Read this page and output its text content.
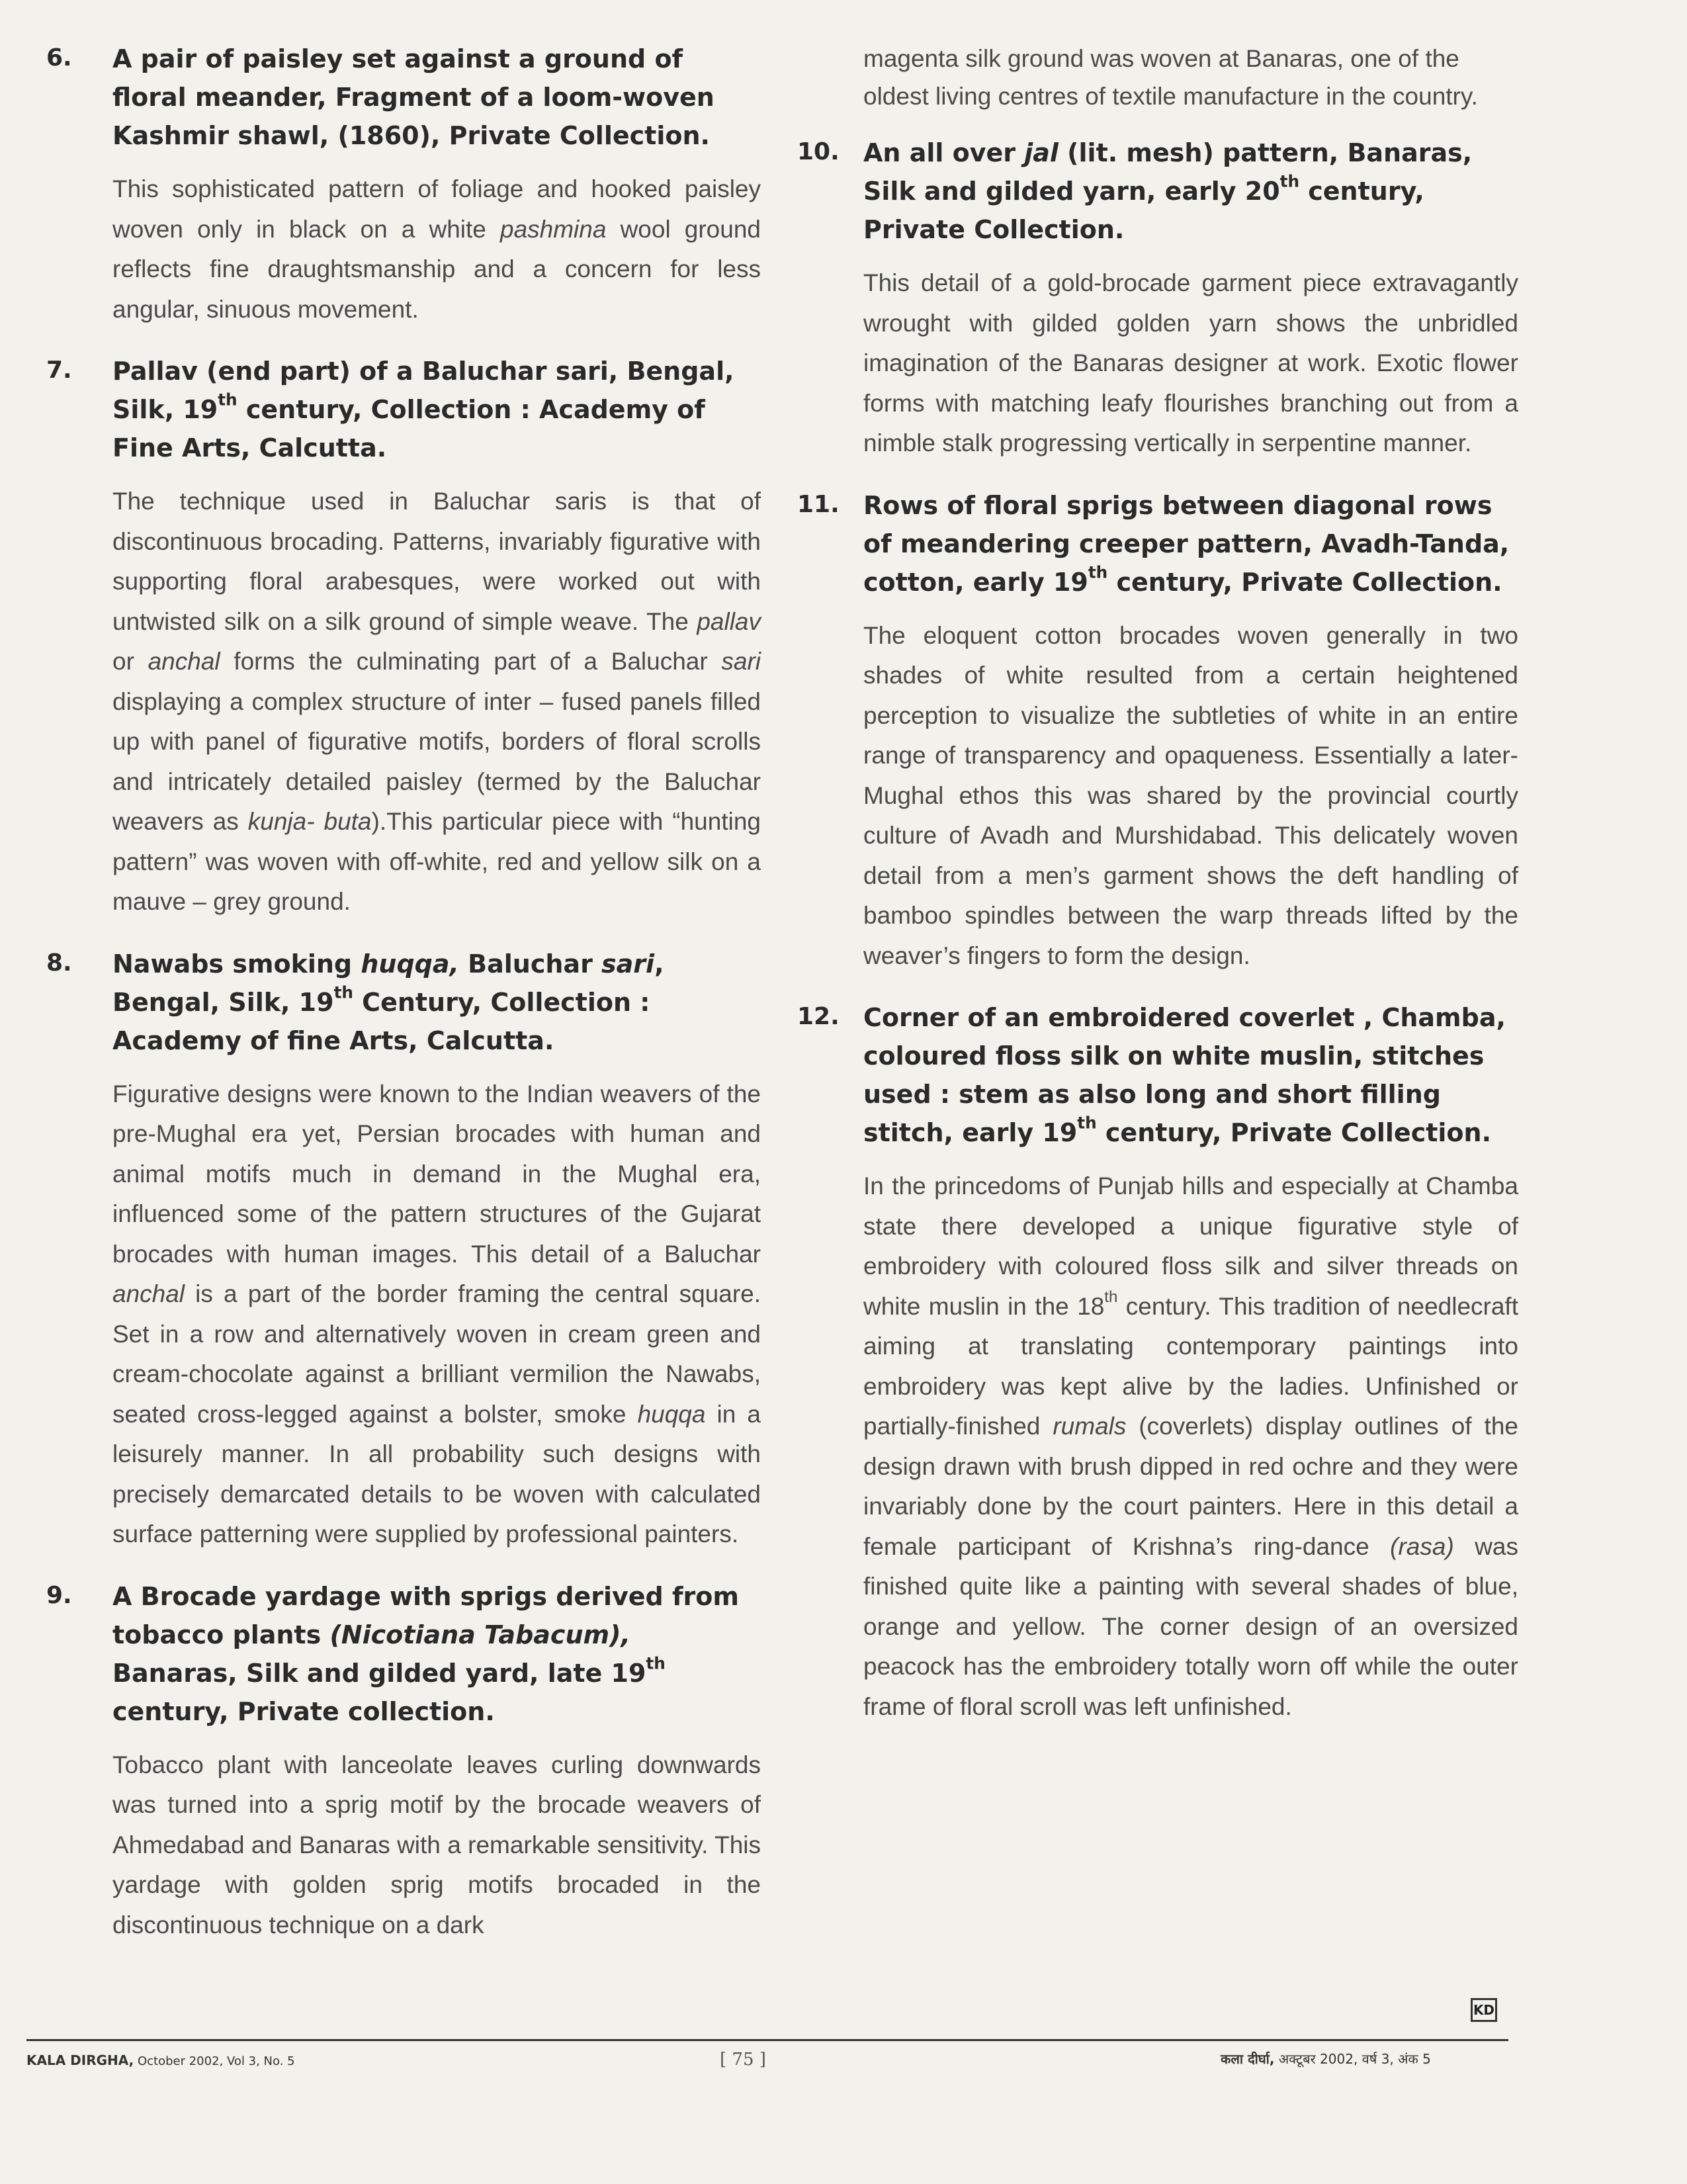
6.	A pair of paisley set against a ground of floral meander, Fragment of a loom-woven Kashmir shawl, (1860), Private Collection.

This sophisticated pattern of foliage and hooked paisley woven only in black on a white pashmina wool ground reflects fine draughtsmanship and a concern for less angular, sinuous movement.

7.	Pallav (end part) of a Baluchar sari, Bengal, Silk, 19th century, Collection : Academy of Fine Arts, Calcutta.

The technique used in Baluchar saris is that of discontinuous brocading. Patterns, invariably figurative with supporting floral arabesques, were worked out with untwisted silk on a silk ground of simple weave. The pallav or anchal forms the culminating part of a Baluchar sari displaying a complex structure of inter – fused panels filled up with panel of figurative motifs, borders of floral scrolls and intricately detailed paisley (termed by the Baluchar weavers as kunja- buta).This particular piece with “hunting pattern” was woven with off-white, red and yellow silk on a mauve – grey ground.

8.	Nawabs smoking huqqa, Baluchar sari, Bengal, Silk, 19th Century, Collection : Academy of fine Arts, Calcutta.

Figurative designs were known to the Indian weavers of the pre-Mughal era yet, Persian brocades with human and animal motifs much in demand in the Mughal era, influenced some of the pattern structures of the Gujarat brocades with human images. This detail of a Baluchar anchal is a part of the border framing the central square. Set in a row and alternatively woven in cream green and cream-chocolate against a brilliant vermilion the Nawabs, seated cross-legged against a bolster, smoke huqqa in a leisurely manner. In all probability such designs with precisely demarcated details to be woven with calculated surface patterning were supplied by professional painters.

9.	A Brocade yardage with sprigs derived from tobacco plants (Nicotiana Tabacum), Banaras, Silk and gilded yard, late 19th century, Private collection.

Tobacco plant with lanceolate leaves curling downwards was turned into a sprig motif by the brocade weavers of Ahmedabad and Banaras with a remarkable sensitivity. This yardage with golden sprig motifs brocaded in the discontinuous technique on a dark

magenta silk ground was woven at Banaras, one of the oldest living centres of textile manufacture in the country.

10. An all over jal (lit. mesh) pattern, Banaras, Silk and gilded yarn, early 20th century, Private Collection.

This detail of a gold-brocade garment piece extravagantly wrought with gilded golden yarn shows the unbridled imagination of the Banaras designer at work. Exotic flower forms with matching leafy flourishes branching out from a nimble stalk progressing vertically in serpentine manner.

11. Rows of floral sprigs between diagonal rows of meandering creeper pattern, Avadh-Tanda, cotton, early 19th century, Private Collection.

The eloquent cotton brocades woven generally in two shades of white resulted from a certain heightened perception to visualize the subtleties of white in an entire range of transparency and opaqueness. Essentially a later- Mughal ethos this was shared by the provincial courtly culture of Avadh and Murshidabad. This delicately woven detail from a men’s garment shows the deft handling of bamboo spindles between the warp threads lifted by the weaver’s fingers to form the design.

12. Corner of an embroidered coverlet , Chamba, coloured floss silk on white muslin, stitches used : stem as also long and short filling stitch, early 19th century, Private Collection.

In the princedoms of Punjab hills and especially at Chamba state there developed a unique figurative style of embroidery with coloured floss silk and silver threads on white muslin in the 18th century. This tradition of needlecraft aiming at translating contemporary paintings into embroidery was kept alive by the ladies. Unfinished or partially-finished rumals (coverlets) display outlines of the design drawn with brush dipped in red ochre and they were invariably done by the court painters. Here in this detail a female participant of Krishna’s ring-dance (rasa) was finished quite like a painting with several shades of blue, orange and yellow. The corner design of an oversized peacock has the embroidery totally worn off while the outer frame of floral scroll was left unfinished.

KD
KALA DIRGHA, October 2002, Vol 3, No. 5	[ 75 ]	कला दीर्घा, अक्टूबर 2002, वर्ष 3, अंक 5
